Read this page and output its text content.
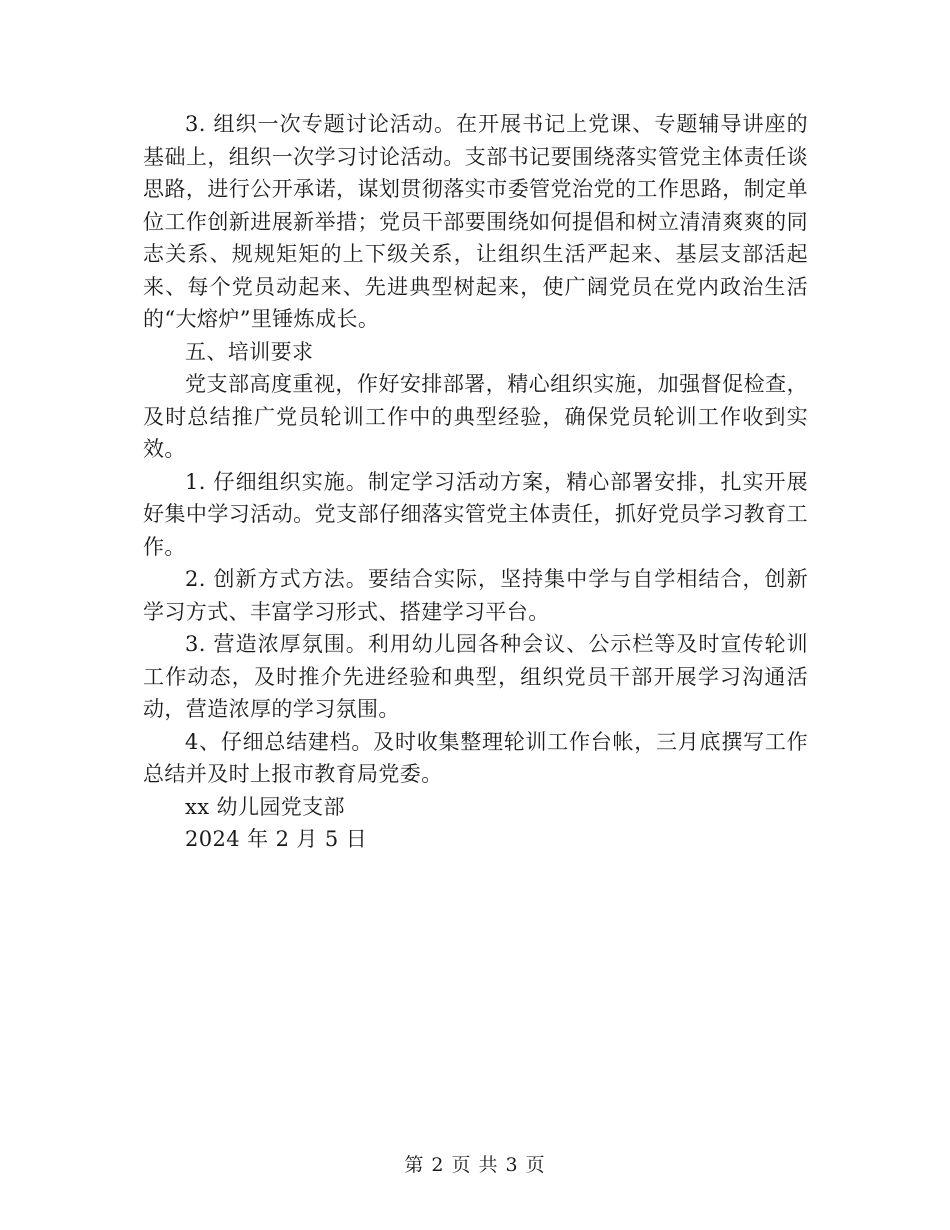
3. 组织一次专题讨论活动。在开展书记上党课、专题辅导讲座的基础上，组织一次学习讨论活动。支部书记要围绕落实管党主体责任谈思路，进行公开承诺，谋划贯彻落实市委管党治党的工作思路，制定单位工作创新进展新举措；党员干部要围绕如何提倡和树立清清爽爽的同志关系、规规矩矩的上下级关系，让组织生活严起来、基层支部活起来、每个党员动起来、先进典型树起来，使广阔党员在党内政治生活的“大熔炉”里锤炼成长。

五、培训要求

党支部高度重视，作好安排部署，精心组织实施，加强督促检查，及时总结推广党员轮训工作中的典型经验，确保党员轮训工作收到实效。

1. 仔细组织实施。制定学习活动方案，精心部署安排，扎实开展好集中学习活动。党支部仔细落实管党主体责任，抓好党员学习教育工作。

2. 创新方式方法。要结合实际，坚持集中学与自学相结合，创新学习方式、丰富学习形式、搭建学习平台。

3. 营造浓厚氛围。利用幼儿园各种会议、公示栏等及时宣传轮训工作动态，及时推介先进经验和典型，组织党员干部开展学习沟通活动，营造浓厚的学习氛围。

4、仔细总结建档。及时收集整理轮训工作台帐，三月底撰写工作总结并及时上报市教育局党委。

xx 幼儿园党支部

2024 年 2 月 5 日

第 2 页 共 3 页
